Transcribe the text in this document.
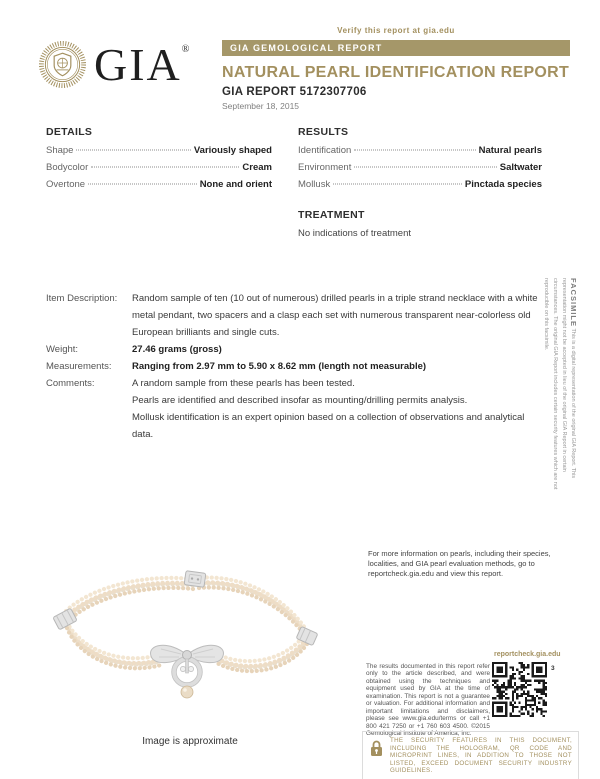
GIA ®
Verify this report at gia.edu
GIA GEMOLOGICAL REPORT
NATURAL PEARL IDENTIFICATION REPORT
GIA REPORT 5172307706
September 18, 2015
DETAILS
Shape	Variously shaped
Bodycolor	Cream
Overtone	None and orient
RESULTS
Identification	Natural pearls
Environment	Saltwater
Mollusk	Pinctada species
TREATMENT
No indications of treatment
Item Description:	Random sample of ten (10 out of numerous) drilled pearls in a triple strand necklace with a white metal pendant, two spacers and a clasp each set with numerous transparent near-colorless old European brilliants and single cuts.
Weight:	27.46 grams (gross)
Measurements:	Ranging from 2.97 mm to 5.90 x 8.62 mm (length not measurable)
Comments:	A random sample from these pearls has been tested.
Pearls are identified and described insofar as mounting/drilling permits analysis.
Mollusk identification is an expert opinion based on a collection of observations and analytical data.
FACSIMILE This is a digital representation of the original GIA Report. This representation might not be accepted in lieu of the original GIA Report in certain circumstances. The original GIA Report includes certain security features which are not reproducible on this facsimile.
Image is approximate
For more information on pearls, including their species, localities, and GIA pearl evaluation methods, go to reportcheck.gia.edu and view this report.
reportcheck.gia.edu
3
The results documented in this report refer only to the article described, and were obtained using the techniques and equipment used by GIA at the time of examination. This report is not a guarantee or valuation. For additional information and important limitations and disclaimers, please see www.gia.edu/terms or call +1 800 421 7250 or +1 760 603 4500. ©2015 Gemological Institute of America, Inc.
THE SECURITY FEATURES IN THIS DOCUMENT, INCLUDING THE HOLOGRAM, QR CODE AND MICROPRINT LINES, IN ADDITION TO THOSE NOT LISTED, EXCEED DOCUMENT SECURITY INDUSTRY GUIDELINES.
